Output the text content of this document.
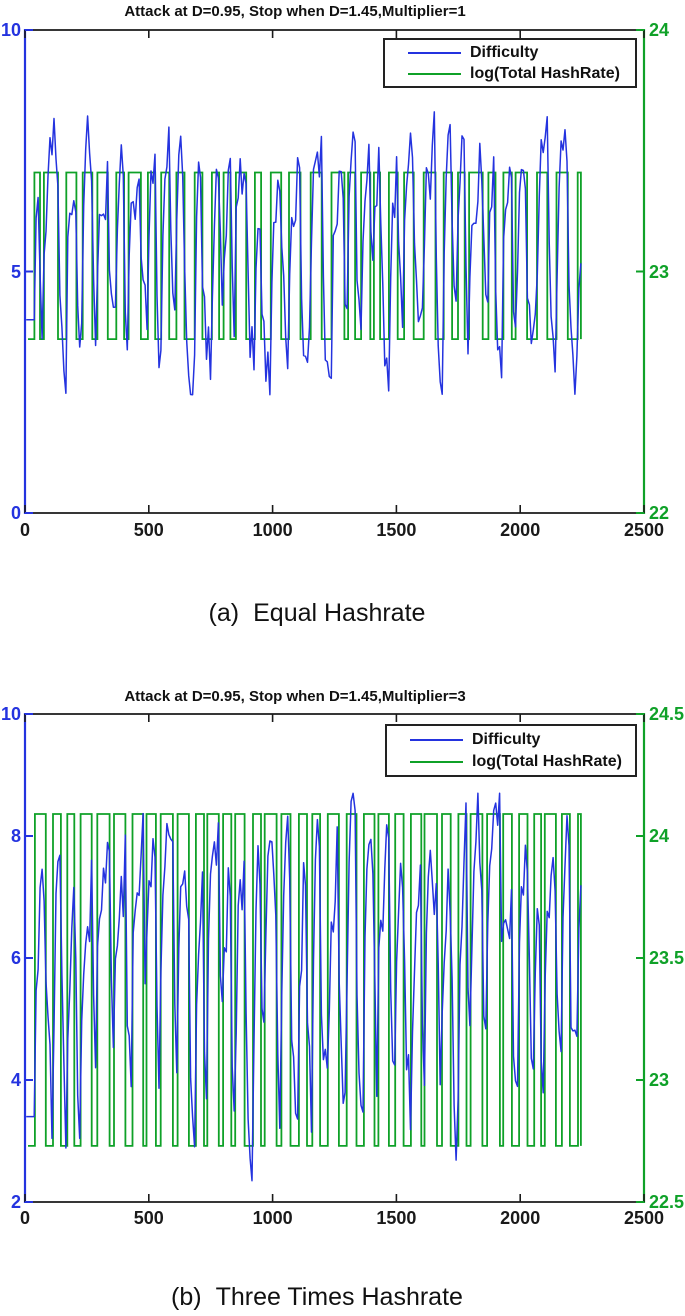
0	500	1000	1500	2000	2500
0
5
10
22
23
24
0	500	1000	1500	2000	2500
2
4
6
8
10
22.5
23
23.5
24
24.5
Attack at D=0.95, Stop when D=1.45,Multiplier=1
Attack at D=0.95, Stop when D=1.45,Multiplier=3
Difficulty
log(Total HashRate)
Difficulty
log(Total HashRate)
(a) Equal Hashrate
(b) Three Times Hashrate
